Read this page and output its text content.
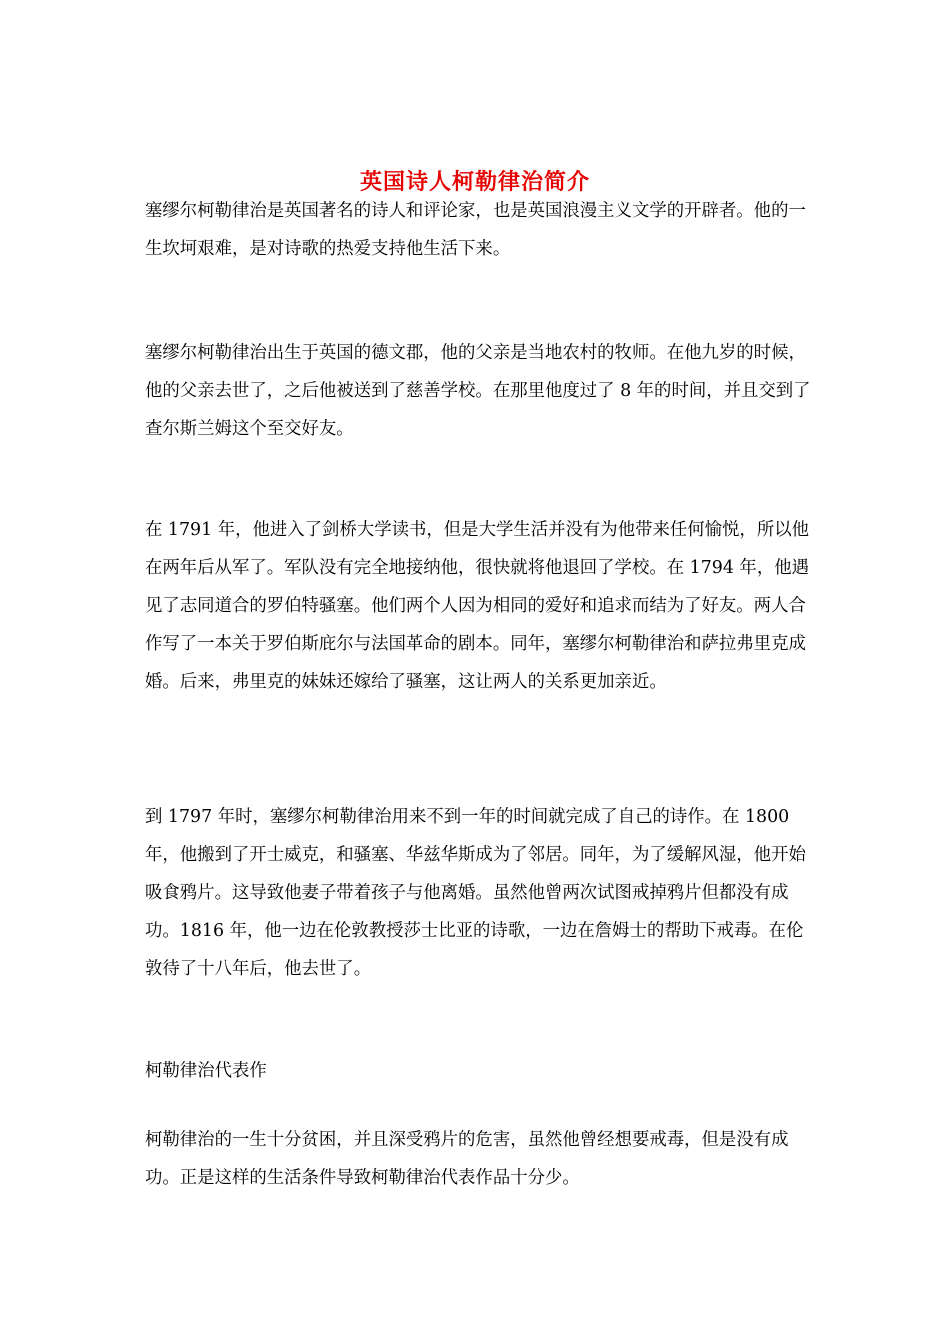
英国诗人柯勒律治简介

塞缪尔柯勒律治是英国著名的诗人和评论家，也是英国浪漫主义文学的开辟者。他的一生坎坷艰难，是对诗歌的热爱支持他生活下来。

塞缪尔柯勒律治出生于英国的德文郡，他的父亲是当地农村的牧师。在他九岁的时候，他的父亲去世了，之后他被送到了慈善学校。在那里他度过了 8 年的时间，并且交到了查尔斯兰姆这个至交好友。

在 1791 年，他进入了剑桥大学读书，但是大学生活并没有为他带来任何愉悦，所以他在两年后从军了。军队没有完全地接纳他，很快就将他退回了学校。在 1794 年，他遇见了志同道合的罗伯特骚塞。他们两个人因为相同的爱好和追求而结为了好友。两人合作写了一本关于罗伯斯庇尔与法国革命的剧本。同年，塞缪尔柯勒律治和萨拉弗里克成婚。后来，弗里克的妹妹还嫁给了骚塞，这让两人的关系更加亲近。

到 1797 年时，塞缪尔柯勒律治用来不到一年的时间就完成了自己的诗作。在 1800 年，他搬到了开士威克，和骚塞、华兹华斯成为了邻居。同年，为了缓解风湿，他开始吸食鸦片。这导致他妻子带着孩子与他离婚。虽然他曾两次试图戒掉鸦片但都没有成功。1816 年，他一边在伦敦教授莎士比亚的诗歌，一边在詹姆士的帮助下戒毒。在伦敦待了十八年后，他去世了。

柯勒律治代表作

柯勒律治的一生十分贫困，并且深受鸦片的危害，虽然他曾经想要戒毒，但是没有成功。正是这样的生活条件导致柯勒律治代表作品十分少。
